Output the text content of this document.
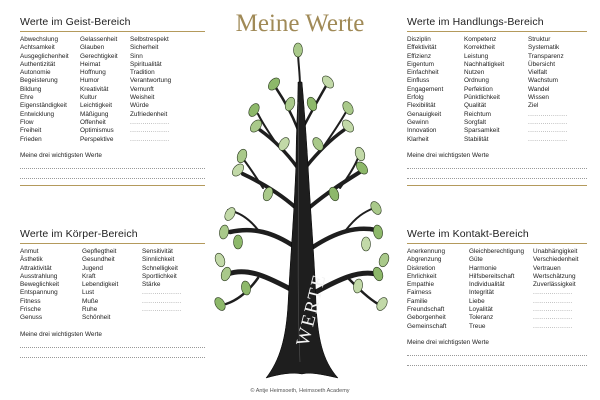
Meine Werte
Werte im Geist-Bereich
Abwechslung
Achtsamkeit
Ausgeglichenheit
Authentizität
Autonomie
Begeisterung
Bildung
Ehre
Eigenständigkeit
Entwicklung
Flow
Freiheit
Frieden
Gelassenheit
Glauben
Gerechtigkeit
Heimat
Hoffnung
Humor
Kreativität
Kultur
Leichtigkeit
Mäßigung
Offenheit
Optimismus
Perspektive
Selbstrespekt
Sicherheit
Sinn
Spiritualität
Tradition
Verantwortung
Vernunft
Weisheit
Würde
Zufriedenheit
...................
...................
...................
Meine drei wichtigsten Werte
Werte im Handlungs-Bereich
Disziplin
Effektivität
Effizienz
Eigentum
Einfachheit
Einfluss
Engagement
Erfolg
Flexibilität
Genauigkeit
Gewinn
Innovation
Klarheit
Kompetenz
Korrektheit
Leistung
Nachhaltigkeit
Nutzen
Ordnung
Perfektion
Pünktlichkeit
Qualität
Reichtum
Sorgfalt
Sparsamkeit
Stabilität
Struktur
Systematik
Transparenz
Übersicht
Vielfalt
Wachstum
Wandel
Wissen
Ziel
...................
...................
...................
...................
Meine drei wichtigsten Werte
Werte im Körper-Bereich
Anmut
Ästhetik
Attraktivität
Ausstrahlung
Beweglichkeit
Entspannung
Fitness
Frische
Genuss
Gepflegtheit
Gesundheit
Jugend
Kraft
Lebendigkeit
Lust
Muße
Ruhe
Schönheit
Sensitivität
Sinnlichkeit
Schnelligkeit
Sportlichkeit
Stärke
...................
...................
...................
Meine drei wichtigsten Werte
Werte im Kontakt-Bereich
Anerkennung
Abgrenzung
Diskretion
Ehrlichkeit
Empathie
Fairness
Familie
Freundschaft
Geborgenheit
Gemeinschaft
Gleichberechtigung
Güte
Harmonie
Hilfsbereitschaft
Individualität
Integrität
Liebe
Loyalität
Toleranz
Treue
Unabhängigkeit
Verschiedenheit
Vertrauen
Wertschätzung
Zuverlässigkeit
...................
...................
...................
...................
...................
Meine drei wichtigsten Werte
WERTE
© Antje Heimsoeth, Heimsoeth Academy
